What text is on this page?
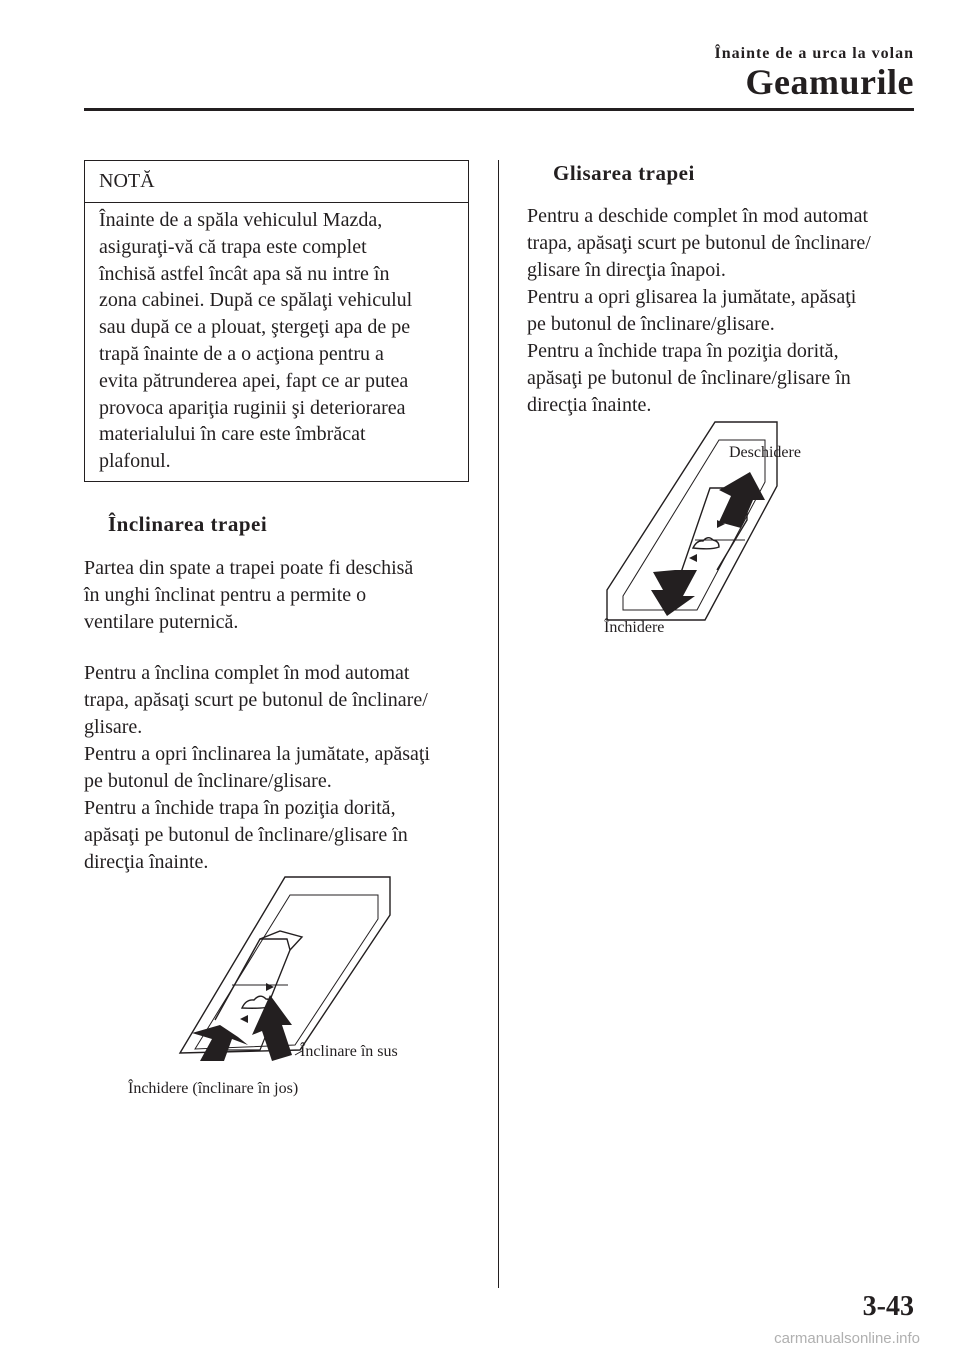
Înainte de a urca la volan
Geamurile
NOTĂ
Înainte de a spăla vehiculul Mazda,
asiguraţi-vă că trapa este complet
închisă astfel încât apa să nu intre în
zona cabinei. După ce spălaţi vehiculul
sau după ce a plouat, ştergeţi apa de pe
trapă înainte de a o acţiona pentru a
evita pătrunderea apei, fapt ce ar putea
provoca apariţia ruginii şi deteriorarea
materialului în care este îmbrăcat
plafonul.
Înclinarea trapei
Partea din spate a trapei poate fi deschisă
în unghi înclinat pentru a permite o
ventilare puternică.
Pentru a înclina complet în mod automat
trapa, apăsaţi scurt pe butonul de înclinare/
glisare.
Pentru a opri înclinarea la jumătate, apăsaţi
pe butonul de înclinare/glisare.
Pentru a închide trapa în poziţia dorită,
apăsaţi pe butonul de înclinare/glisare în
direcţia înainte.
Înclinare în sus
Închidere (înclinare în jos)
Glisarea trapei
Pentru a deschide complet în mod automat
trapa, apăsaţi scurt pe butonul de înclinare/
glisare în direcţia înapoi.
Pentru a opri glisarea la jumătate, apăsaţi
pe butonul de înclinare/glisare.
Pentru a închide trapa în poziţia dorită,
apăsaţi pe butonul de înclinare/glisare în
direcţia înainte.
Deschidere
Închidere
3-43
carmanualsonline.info
